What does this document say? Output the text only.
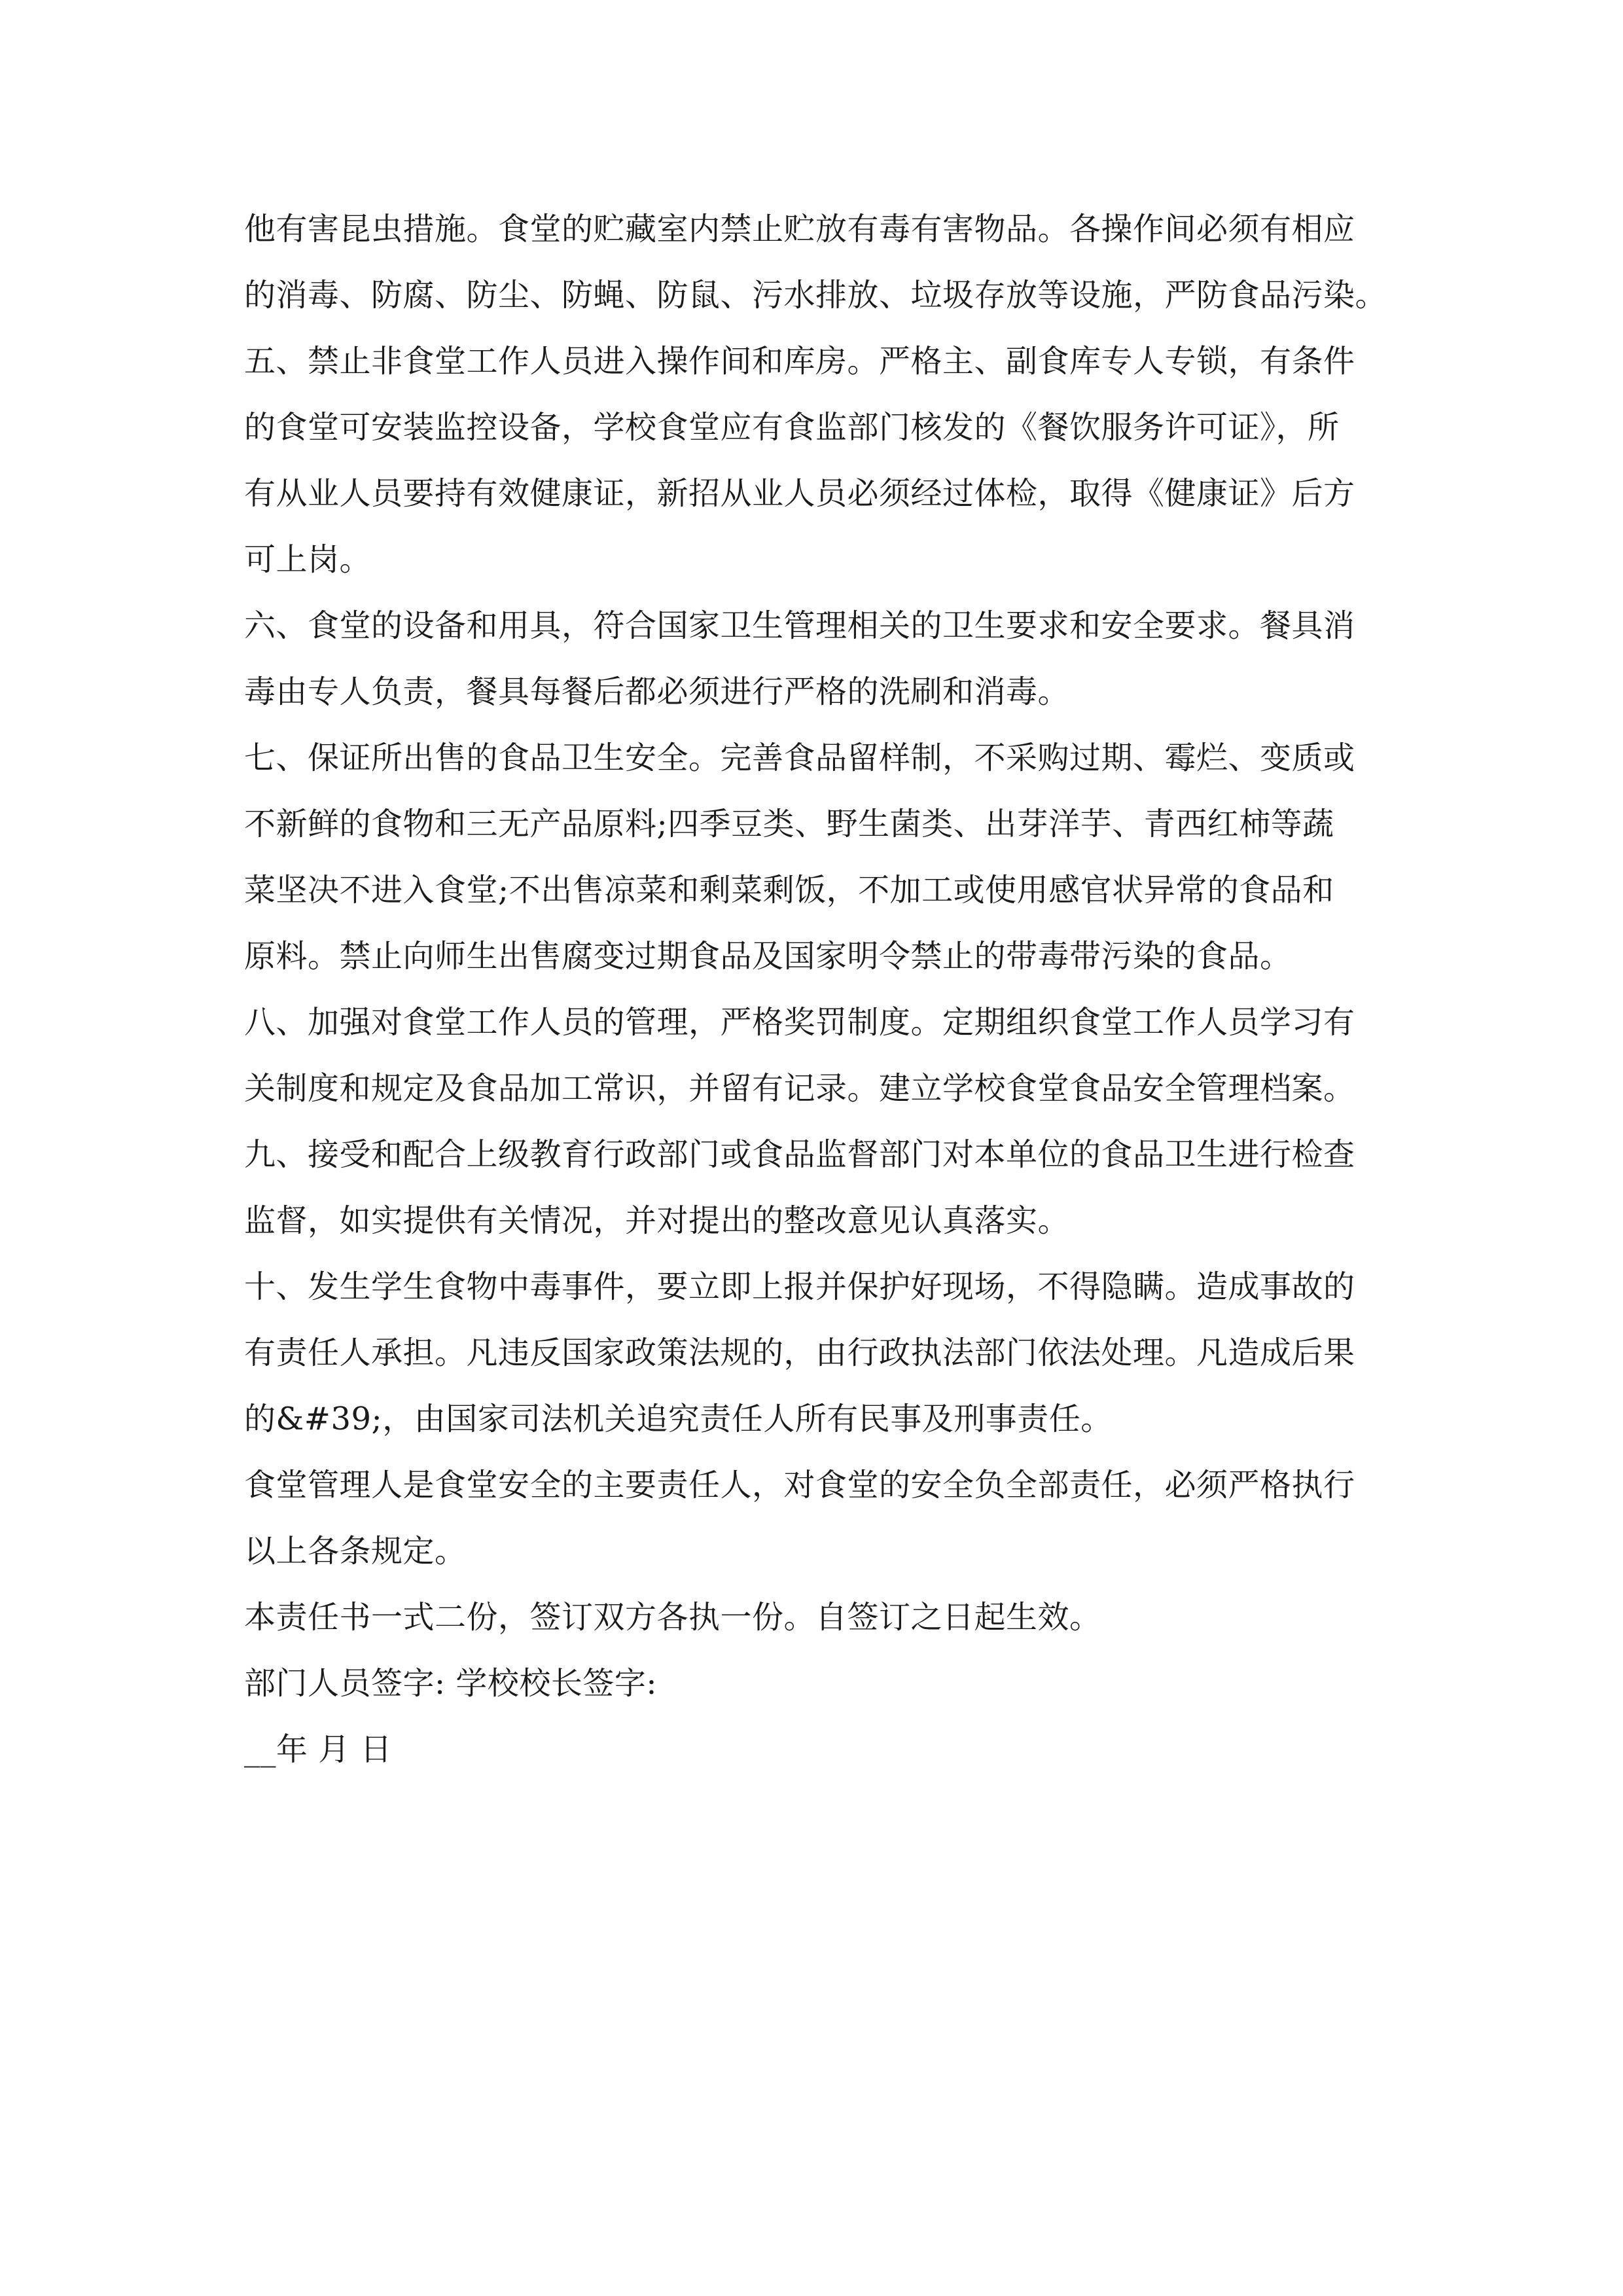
他有害昆虫措施。食堂的贮藏室内禁止贮放有毒有害物品。各操作间必须有相应
的消毒、防腐、防尘、防蝇、防鼠、污水排放、垃圾存放等设施，严防食品污染。
五、禁止非食堂工作人员进入操作间和库房。严格主、副食库专人专锁，有条件
的食堂可安装监控设备，学校食堂应有食监部门核发的《餐饮服务许可证》，所
有从业人员要持有效健康证，新招从业人员必须经过体检，取得《健康证》后方
可上岗。
六、食堂的设备和用具，符合国家卫生管理相关的卫生要求和安全要求。餐具消
毒由专人负责，餐具每餐后都必须进行严格的洗刷和消毒。
七、保证所出售的食品卫生安全。完善食品留样制，不采购过期、霉烂、变质或
不新鲜的食物和三无产品原料;四季豆类、野生菌类、出芽洋芋、青西红柿等蔬
菜坚决不进入食堂;不出售凉菜和剩菜剩饭，不加工或使用感官状异常的食品和
原料。禁止向师生出售腐变过期食品及国家明令禁止的带毒带污染的食品。
八、加强对食堂工作人员的管理，严格奖罚制度。定期组织食堂工作人员学习有
关制度和规定及食品加工常识，并留有记录。建立学校食堂食品安全管理档案。
九、接受和配合上级教育行政部门或食品监督部门对本单位的食品卫生进行检查
监督，如实提供有关情况，并对提出的整改意见认真落实。
十、发生学生食物中毒事件，要立即上报并保护好现场，不得隐瞒。造成事故的
有责任人承担。凡违反国家政策法规的，由行政执法部门依法处理。凡造成后果
的&#39;，由国家司法机关追究责任人所有民事及刑事责任。
食堂管理人是食堂安全的主要责任人，对食堂的安全负全部责任，必须严格执行
以上各条规定。
本责任书一式二份，签订双方各执一份。自签订之日起生效。
部门人员签字: 学校校长签字:
__年 月 日
